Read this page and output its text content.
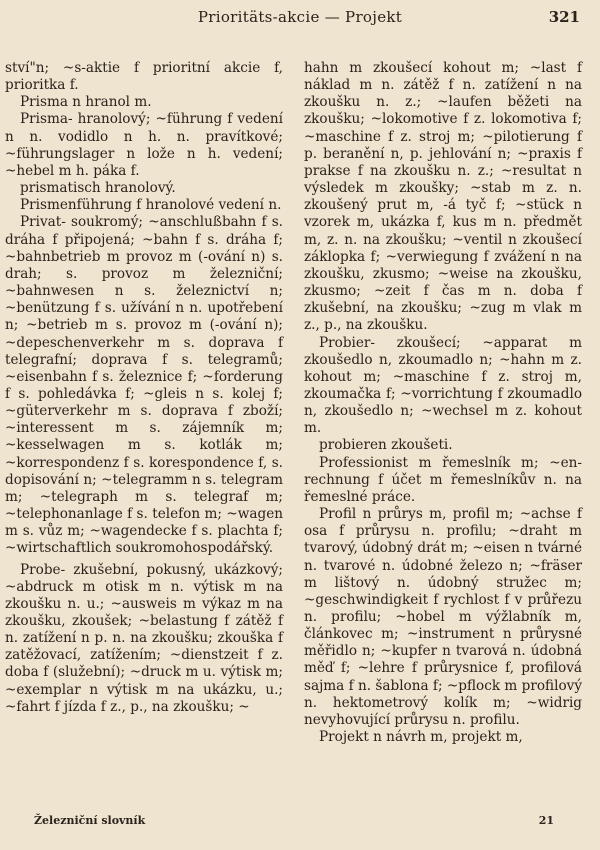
Prioritäts-akcie — Projekt	321

ství"n; ~s-aktie f prioritní akcie f, prioritka f.

Prisma n hranol m.

Prisma- hranolový; ~führung f vedení n n. vodidlo n h. n. pravítkové; ~führungslager n lože n h. vedení; ~hebel m h. páka f.

prismatisch hranolový.

Prismenführung f hranolové vedení n.

Privat- soukromý; ~anschlußbahn f s. dráha f připojená; ~bahn f s. dráha f; ~bahnbetrieb m provoz m (-ování n) s. drah; s. provoz m železniční; ~bahnwesen n s. železnictví n; ~benützung f s. užívání n n. upotřebení n; ~betrieb m s. provoz m (-ování n); ~depeschenverkehr m s. doprava f telegrafní; doprava f s. telegramů; ~eisenbahn f s. železnice f; ~forderung f s. pohledávka f; ~gleis n s. kolej f; ~güterverkehr m s. doprava f zboží; ~interessent m s. zájemník m; ~kesselwagen m s. kotlák m; ~korrespondenz f s. korespondence f, s. dopisování n; ~telegramm n s. telegram m; ~telegraph m s. telegraf m; ~telephonanlage f s. telefon m; ~wagen m s. vůz m; ~wagendecke f s. plachta f; ~wirtschaftlich soukromohospodářský.

Probe- zkušební, pokusný, ukázkový; ~abdruck m otisk m n. výtisk m na zkoušku n. u.; ~ausweis m výkaz m na zkoušku, zkoušek; ~belastung f zátěž f n. zatížení n p. n. na zkoušku; zkouška f zatěžovací, zatížením; ~dienstzeit f z. doba f (služební); ~druck m u. výtisk m; ~exemplar n výtisk m na ukázku, u.; ~fahrt f jízda f z., p., na zkoušku; ~

hahn m zkoušecí kohout m; ~last f náklad m n. zátěž f n. zatížení n na zkoušku n. z.; ~laufen běžeti na zkoušku; ~lokomotive f z. lokomotiva f; ~maschine f z. stroj m; ~pilotierung f p. beranění n, p. jehlování n; ~praxis f prakse f na zkoušku n. z.; ~resultat n výsledek m zkoušky; ~stab m z. n. zkoušený prut m, -á tyč f; ~stück n vzorek m, ukázka f, kus m n. předmět m, z. n. na zkoušku; ~ventil n zkoušecí záklopka f; ~verwiegung f zvážení n na zkoušku, zkusmo; ~weise na zkoušku, zkusmo; ~zeit f čas m n. doba f zkušební, na zkoušku; ~zug m vlak m z., p., na zkoušku.

Probier- zkoušecí; ~apparat m zkoušedlo n, zkoumadlo n; ~hahn m z. kohout m; ~maschine f z. stroj m, zkoumačka f; ~vorrichtung f zkoumadlo n, zkoušedlo n; ~wechsel m z. kohout m.

probieren zkoušeti.

Professionist m řemeslník m; ~en-rechnung f účet m řemeslníkův n. na řemeslné práce.

Profil n průrys m, profil m; ~achse f osa f průrysu n. profilu; ~draht m tvarový, údobný drát m; ~eisen n tvárné n. tvarové n. údobné železo n; ~fräser m lištový n. údobný stružec m; ~geschwindigkeit f rychlost f v průřezu n. profilu; ~hobel m výžlabník m, článkovec m; ~instrument n průrysné měřidlo n; ~kupfer n tvarová n. údobná měď f; ~lehre f průrysnice f, profilová sajma f n. šablona f; ~pflock m profilový n. hektometrový kolík m; ~widrig nevyhovující průrysu n. profilu.

Projekt n návrh m, projekt m,

Železniční slovník	21
